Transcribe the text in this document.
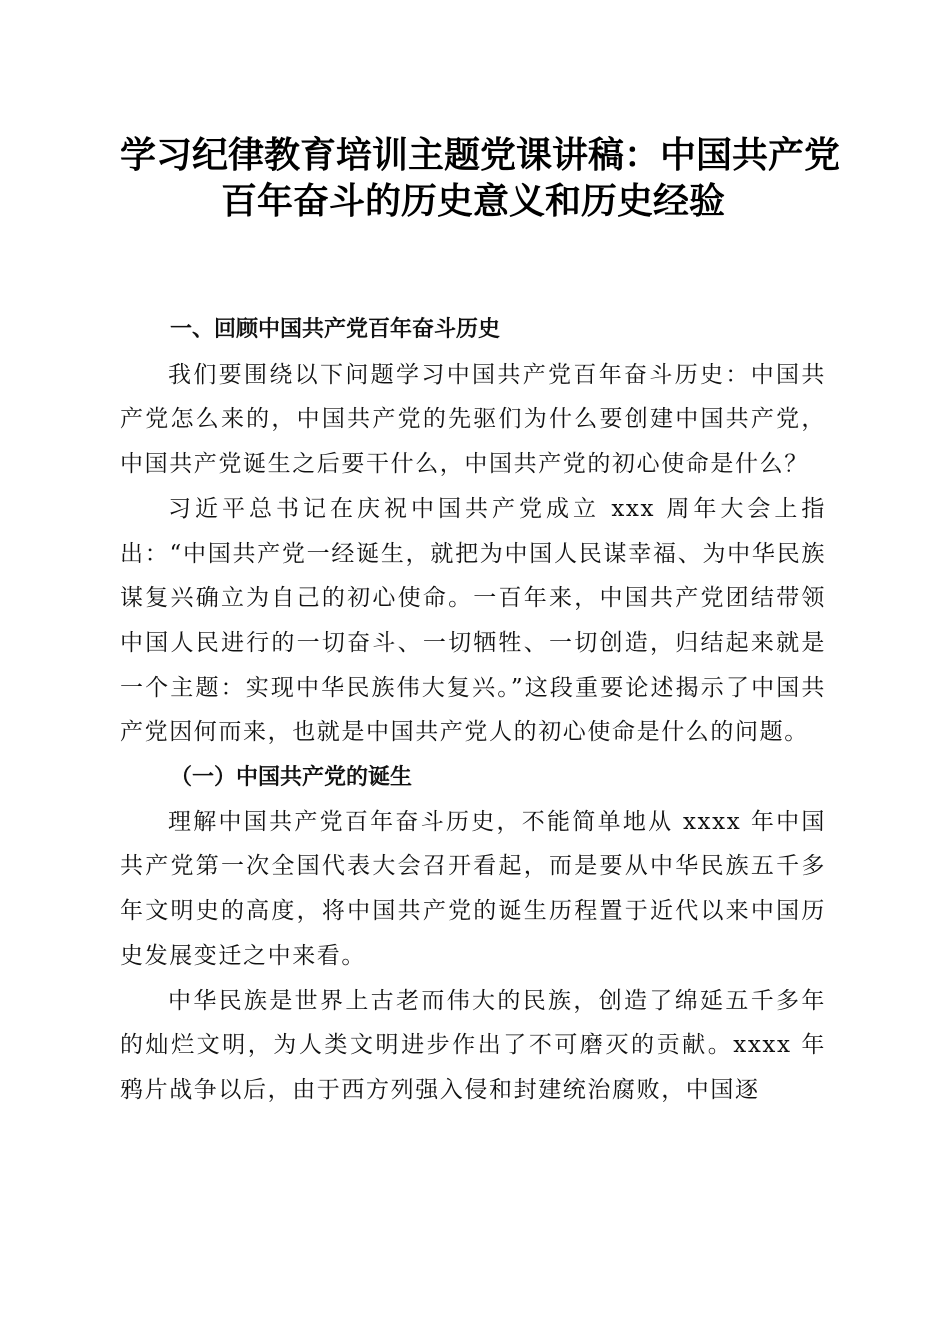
学习纪律教育培训主题党课讲稿：中国共产党
百年奋斗的历史意义和历史经验

一、回顾中国共产党百年奋斗历史

我们要围绕以下问题学习中国共产党百年奋斗历史：中国共产党怎么来的，中国共产党的先驱们为什么要创建中国共产党，中国共产党诞生之后要干什么，中国共产党的初心使命是什么？

习近平总书记在庆祝中国共产党成立 xxx 周年大会上指出：“中国共产党一经诞生，就把为中国人民谋幸福、为中华民族谋复兴确立为自己的初心使命。一百年来，中国共产党团结带领中国人民进行的一切奋斗、一切牺牲、一切创造，归结起来就是一个主题：实现中华民族伟大复兴。”这段重要论述揭示了中国共产党因何而来，也就是中国共产党人的初心使命是什么的问题。

（一）中国共产党的诞生

理解中国共产党百年奋斗历史，不能简单地从 xxxx 年中国共产党第一次全国代表大会召开看起，而是要从中华民族五千多年文明史的高度，将中国共产党的诞生历程置于近代以来中国历史发展变迁之中来看。

中华民族是世界上古老而伟大的民族，创造了绵延五千多年的灿烂文明，为人类文明进步作出了不可磨灭的贡献。xxxx 年鸦片战争以后，由于西方列强入侵和封建统治腐败，中国逐
